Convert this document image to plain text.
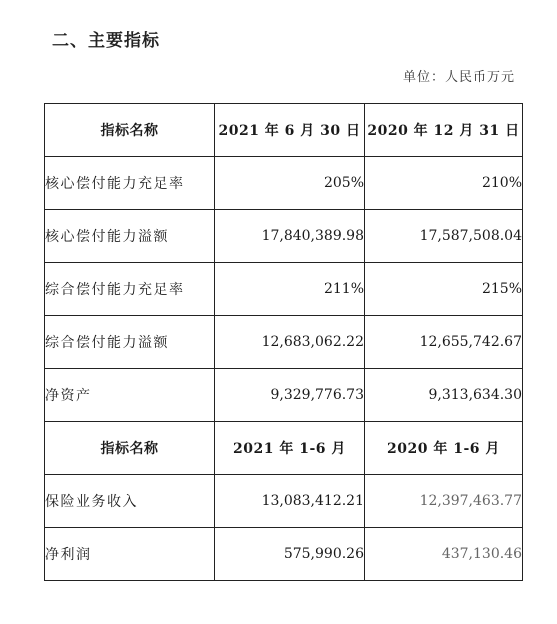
二、主要指标
单位：人民币万元
指标名称	2021 年 6 月 30 日	2020 年 12 月 31 日
核心偿付能力充足率	205%	210%
核心偿付能力溢额	17,840,389.98	17,587,508.04
综合偿付能力充足率	211%	215%
综合偿付能力溢额	12,683,062.22	12,655,742.67
净资产	9,329,776.73	9,313,634.30
指标名称	2021 年 1-6 月	2020 年 1-6 月
保险业务收入	13,083,412.21	12,397,463.77
净利润	575,990.26	437,130.46
